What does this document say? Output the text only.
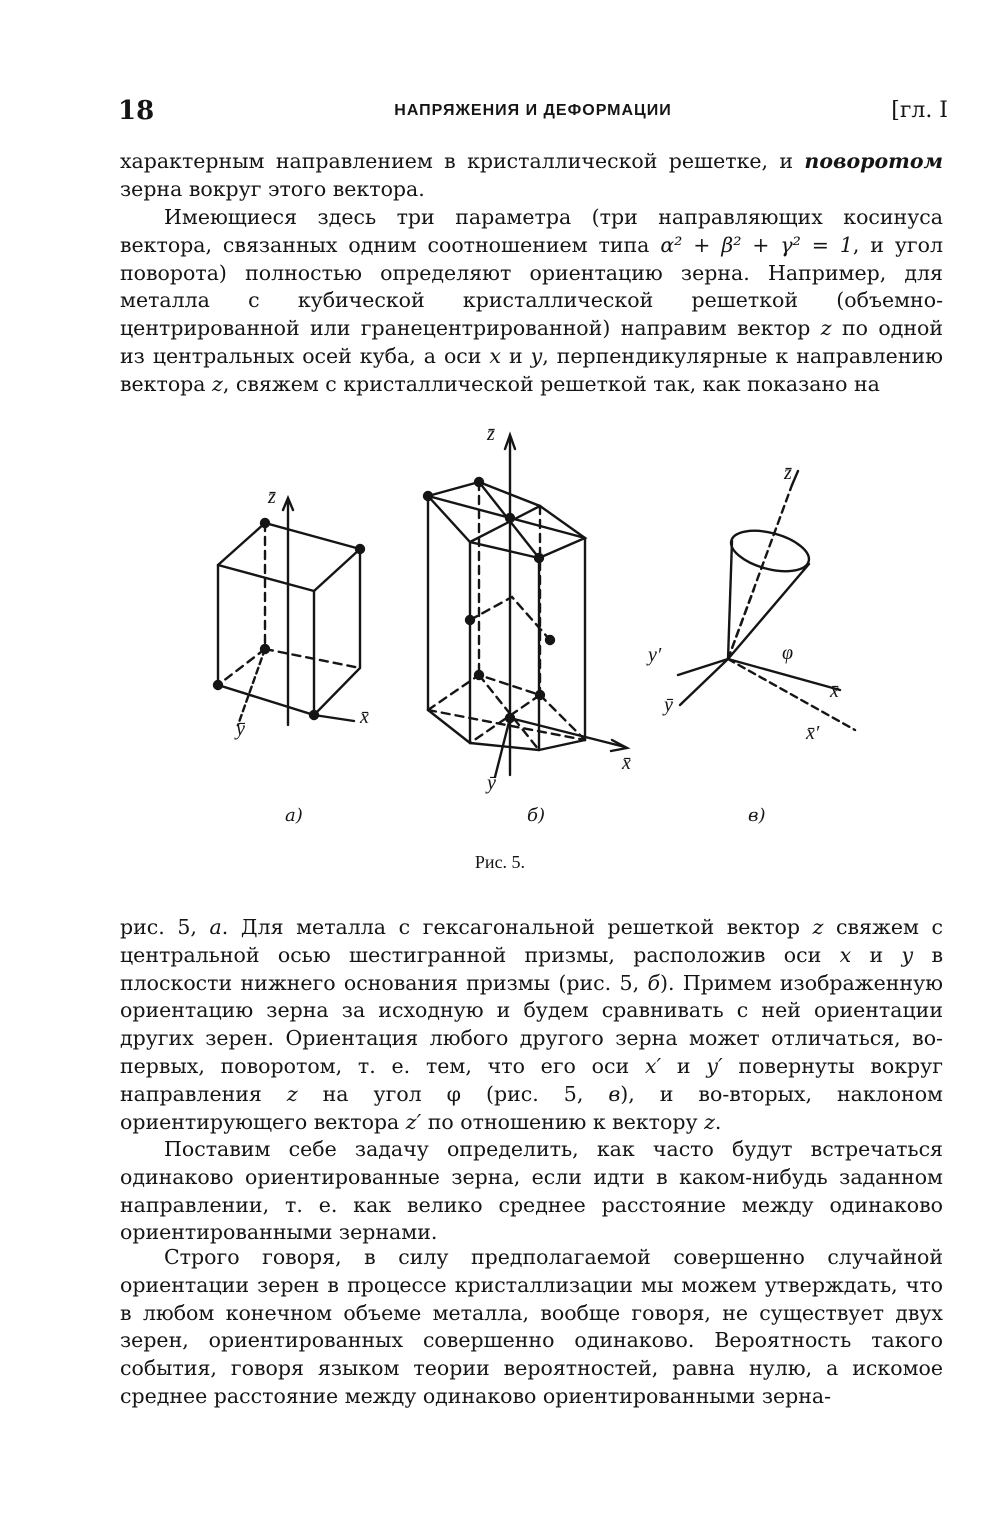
18	НАПРЯЖЕНИЯ И ДЕФОРМАЦИИ	[гл. I

характерным направлением в кристаллической решетке, и поворотом зерна вокруг этого вектора.

Имеющиеся здесь три параметра (три направляющих косинуса вектора, связанных одним соотношением типа α² + β² + γ² = 1, и угол поворота) полностью определяют ориентацию зерна. Например, для металла с кубической кристаллической решеткой (объемно-центрированной или гранецентрированной) направим вектор z по одной из центральных осей куба, а оси x и y, перпендикулярные к направлению вектора z, свяжем с кристаллической решеткой так, как показано на

z̄
z̄
z̄
ȳ
x̄
ȳ
x̄
y′
ȳ
φ
x̄
x̄′
а)	б)	в)
Рис. 5.

рис. 5, а. Для металла с гексагональной решеткой вектор z свяжем с центральной осью шестигранной призмы, расположив оси x и y в плоскости нижнего основания призмы (рис. 5, б). Примем изображенную ориентацию зерна за исходную и будем сравнивать с ней ориентации других зерен. Ориентация любого другого зерна может отличаться, во-первых, поворотом, т. е. тем, что его оси x′ и y′ повернуты вокруг направления z на угол φ (рис. 5, в), и во-вторых, наклоном ориентирующего вектора z′ по отношению к вектору z.

Поставим себе задачу определить, как часто будут встречаться одинаково ориентированные зерна, если идти в каком-нибудь заданном направлении, т. е. как велико среднее расстояние между одинаково ориентированными зернами.

Строго говоря, в силу предполагаемой совершенно случайной ориентации зерен в процессе кристаллизации мы можем утверждать, что в любом конечном объеме металла, вообще говоря, не существует двух зерен, ориентированных совершенно одинаково. Вероятность такого события, говоря языком теории вероятностей, равна нулю, а искомое среднее расстояние между одинаково ориентированными зерна-
